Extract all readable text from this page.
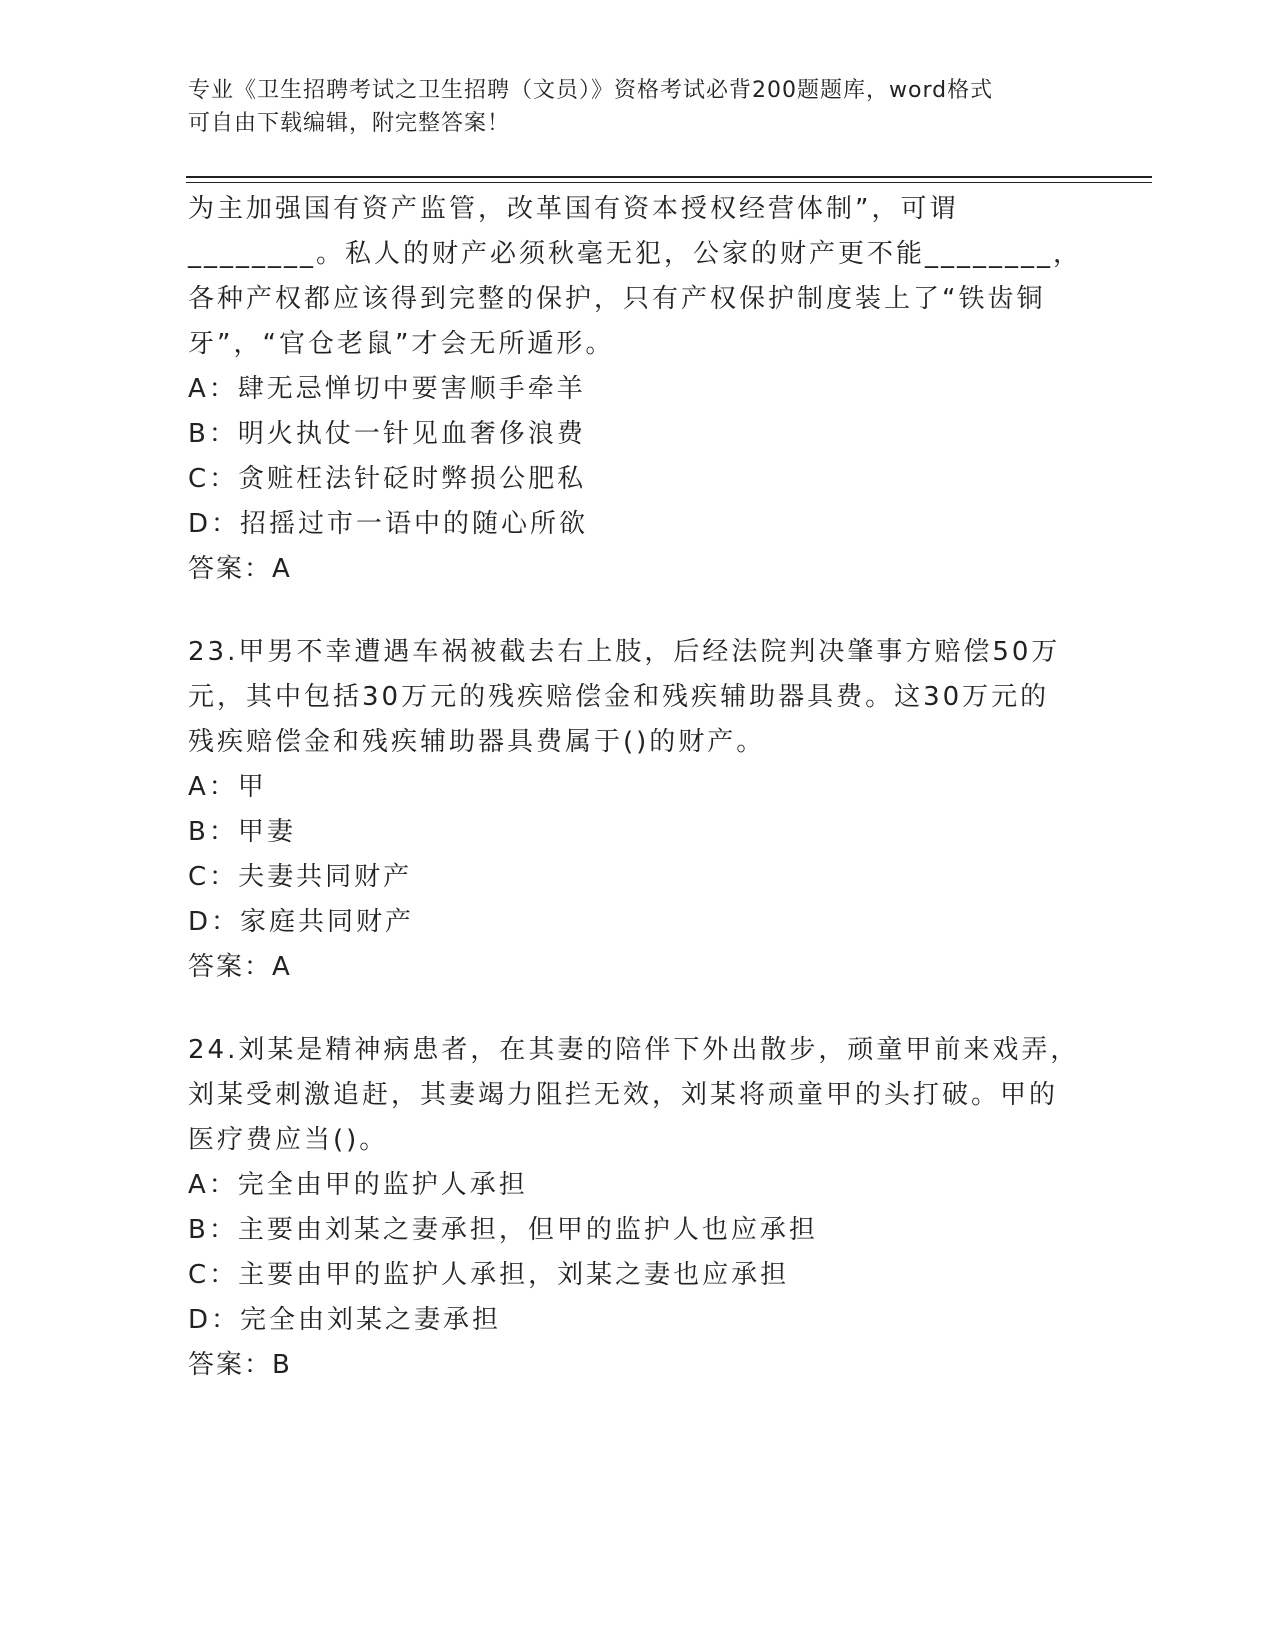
专业《卫生招聘考试之卫生招聘（文员）》资格考试必背200题题库，word格式
可自由下载编辑，附完整答案！
为主加强国有资产监管，改革国有资本授权经营体制”，可谓
________。私人的财产必须秋毫无犯，公家的财产更不能________，
各种产权都应该得到完整的保护，只有产权保护制度装上了“铁齿铜
牙”，“官仓老鼠”才会无所遁形。
A：肆无忌惮切中要害顺手牵羊
B：明火执仗一针见血奢侈浪费
C：贪赃枉法针砭时弊损公肥私
D：招摇过市一语中的随心所欲
答案：A
23.甲男不幸遭遇车祸被截去右上肢，后经法院判决肇事方赔偿50万
元，其中包括30万元的残疾赔偿金和残疾辅助器具费。这30万元的
残疾赔偿金和残疾辅助器具费属于()的财产。
A：甲
B：甲妻
C：夫妻共同财产
D：家庭共同财产
答案：A
24.刘某是精神病患者，在其妻的陪伴下外出散步，顽童甲前来戏弄，
刘某受刺激追赶，其妻竭力阻拦无效，刘某将顽童甲的头打破。甲的
医疗费应当()。
A：完全由甲的监护人承担
B：主要由刘某之妻承担，但甲的监护人也应承担
C：主要由甲的监护人承担，刘某之妻也应承担
D：完全由刘某之妻承担
答案：B
